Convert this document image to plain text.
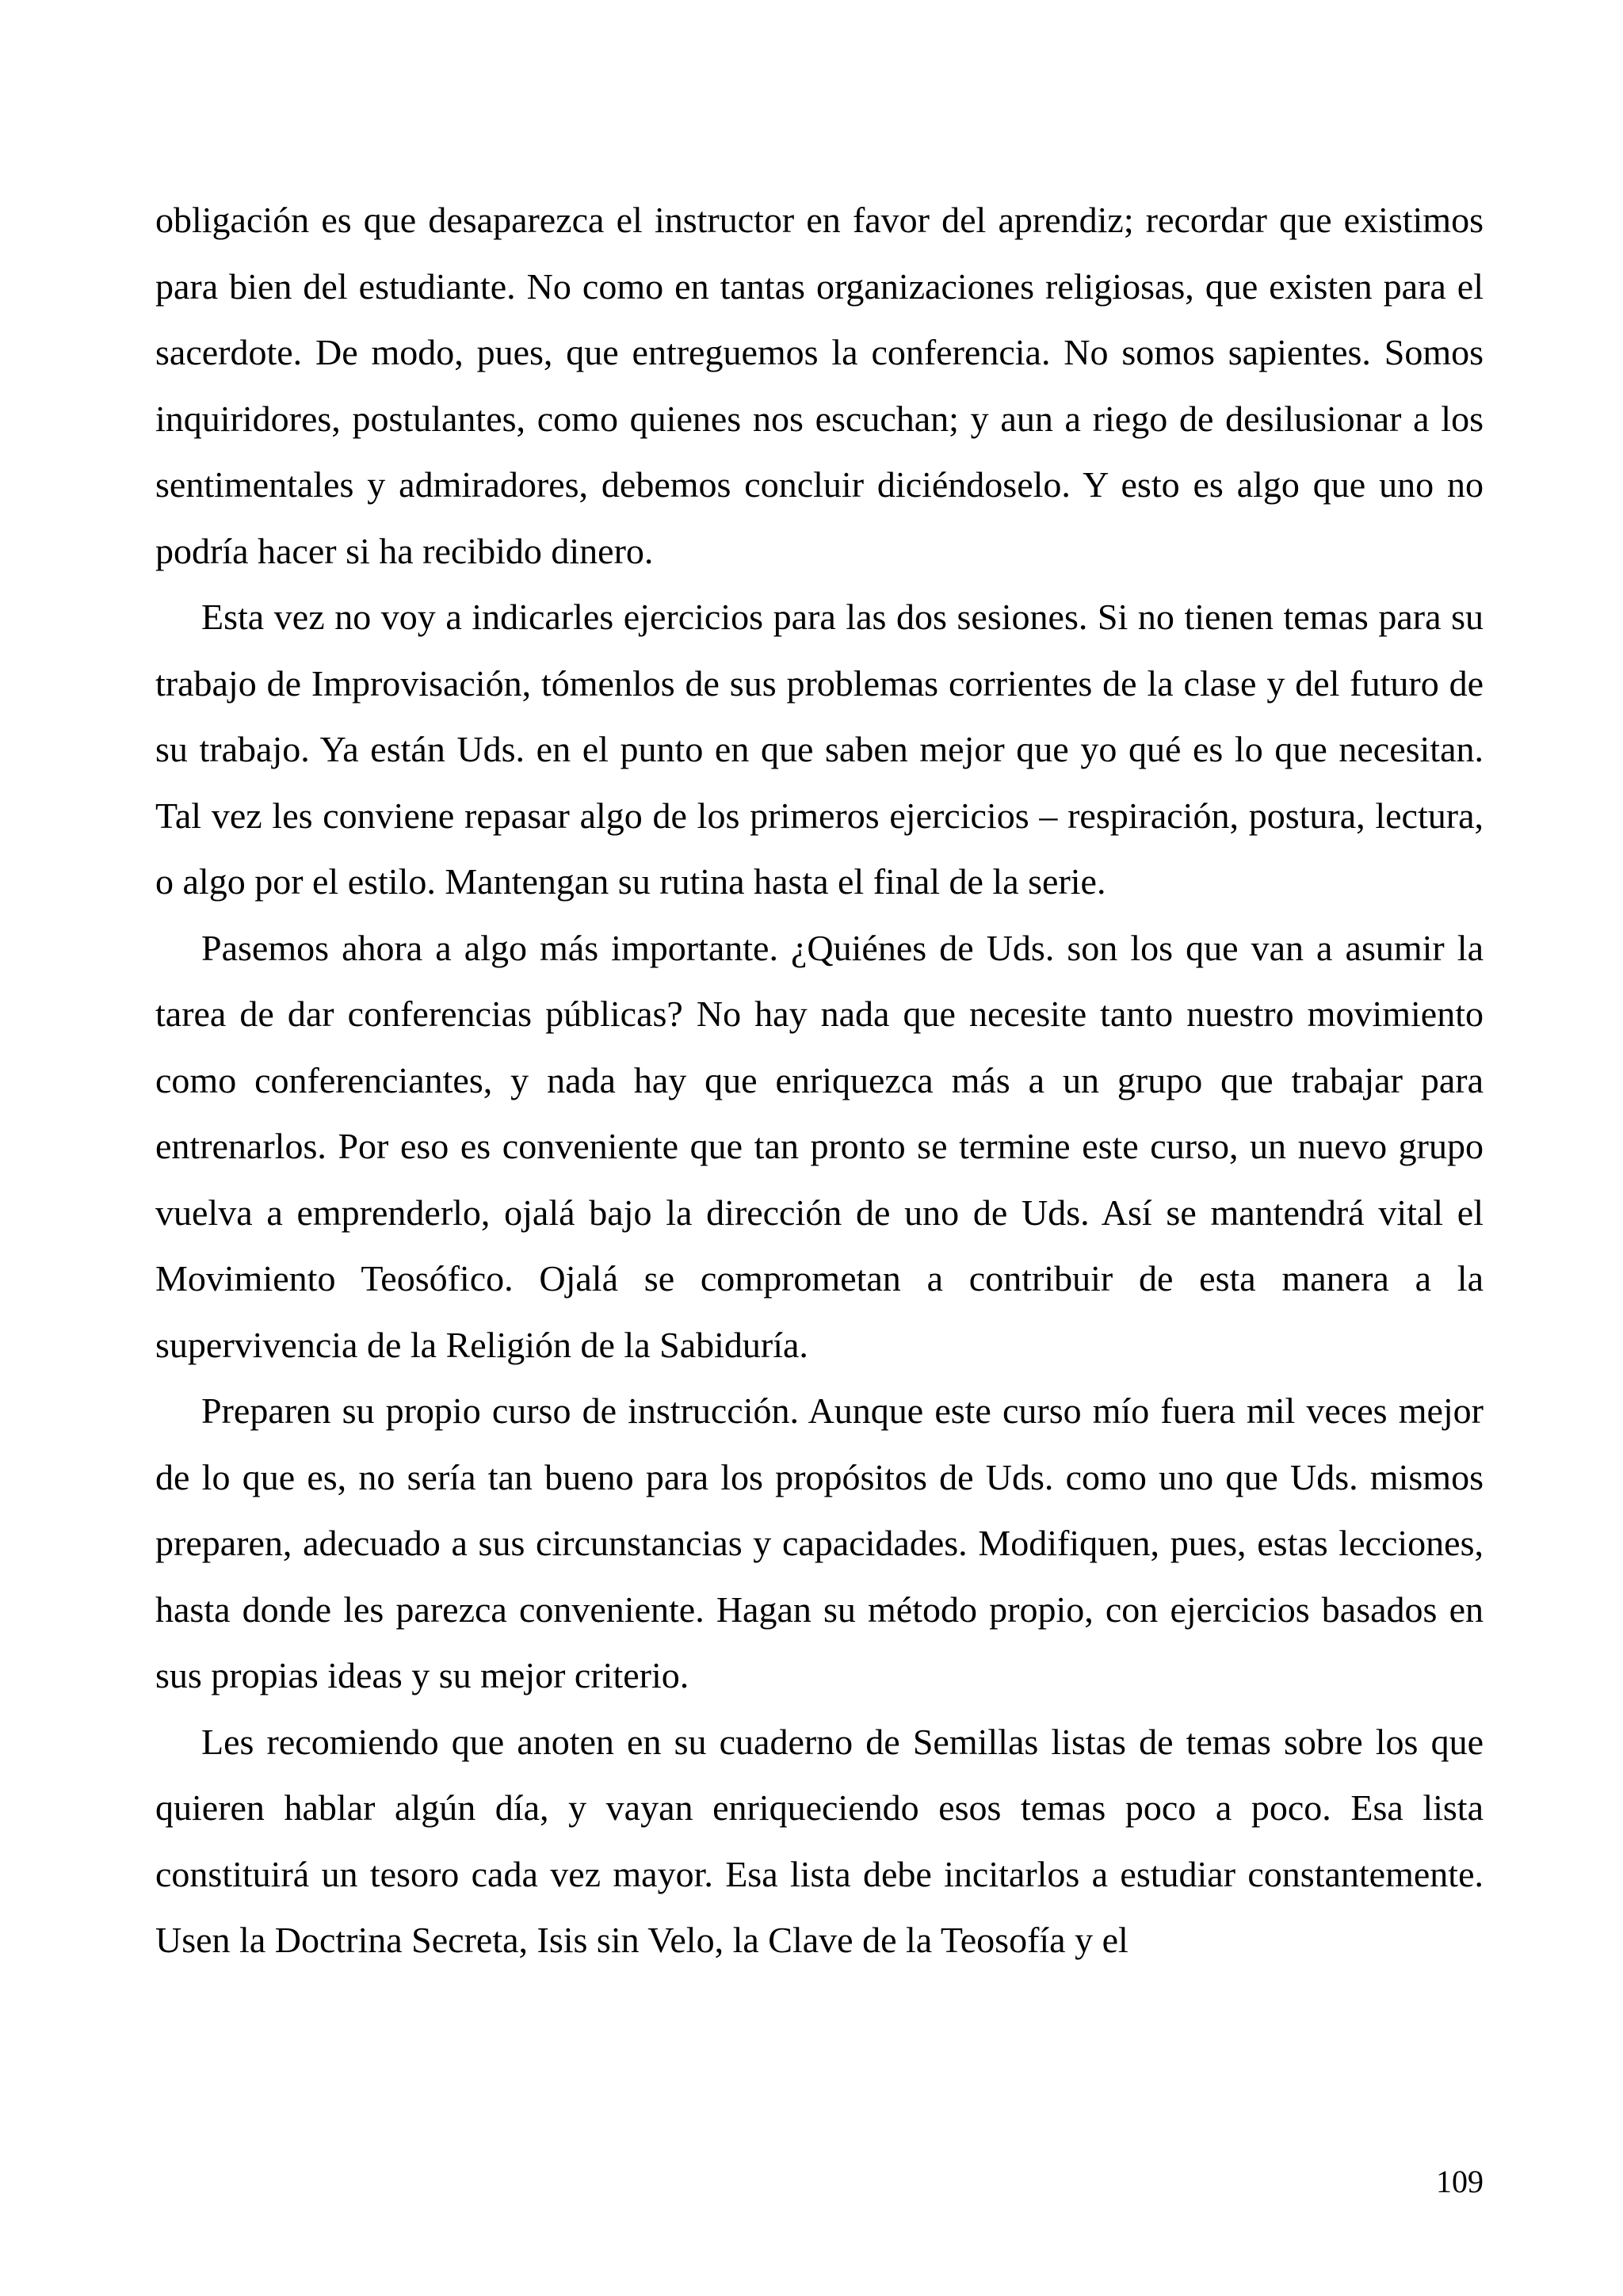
obligación es que desaparezca el instructor en favor del aprendiz; recordar que existimos para bien del estudiante. No como en tantas organizaciones religiosas, que existen para el sacerdote. De modo, pues, que entreguemos la conferencia. No somos sapientes. Somos inquiridores, postulantes, como quienes nos escuchan; y aun a riego de desilusionar a los sentimentales y admiradores, debemos concluir diciéndoselo. Y esto es algo que uno no podría hacer si ha recibido dinero.

Esta vez no voy a indicarles ejercicios para las dos sesiones. Si no tienen temas para su trabajo de Improvisación, tómenlos de sus problemas corrientes de la clase y del futuro de su trabajo. Ya están Uds. en el punto en que saben mejor que yo qué es lo que necesitan. Tal vez les conviene repasar algo de los primeros ejercicios – respiración, postura, lectura, o algo por el estilo. Mantengan su rutina hasta el final de la serie.

Pasemos ahora a algo más importante. ¿Quiénes de Uds. son los que van a asumir la tarea de dar conferencias públicas? No hay nada que necesite tanto nuestro movimiento como conferenciantes, y nada hay que enriquezca más a un grupo que trabajar para entrenarlos. Por eso es conveniente que tan pronto se termine este curso, un nuevo grupo vuelva a emprenderlo, ojalá bajo la dirección de uno de Uds. Así se mantendrá vital el Movimiento Teosófico. Ojalá se comprometan a contribuir de esta manera a la supervivencia de la Religión de la Sabiduría.

Preparen su propio curso de instrucción. Aunque este curso mío fuera mil veces mejor de lo que es, no sería tan bueno para los propósitos de Uds. como uno que Uds. mismos preparen, adecuado a sus circunstancias y capacidades. Modifiquen, pues, estas lecciones, hasta donde les parezca conveniente. Hagan su método propio, con ejercicios basados en sus propias ideas y su mejor criterio.

Les recomiendo que anoten en su cuaderno de Semillas listas de temas sobre los que quieren hablar algún día, y vayan enriqueciendo esos temas poco a poco. Esa lista constituirá un tesoro cada vez mayor. Esa lista debe incitarlos a estudiar constantemente. Usen la Doctrina Secreta, Isis sin Velo, la Clave de la Teosofía y el

109
